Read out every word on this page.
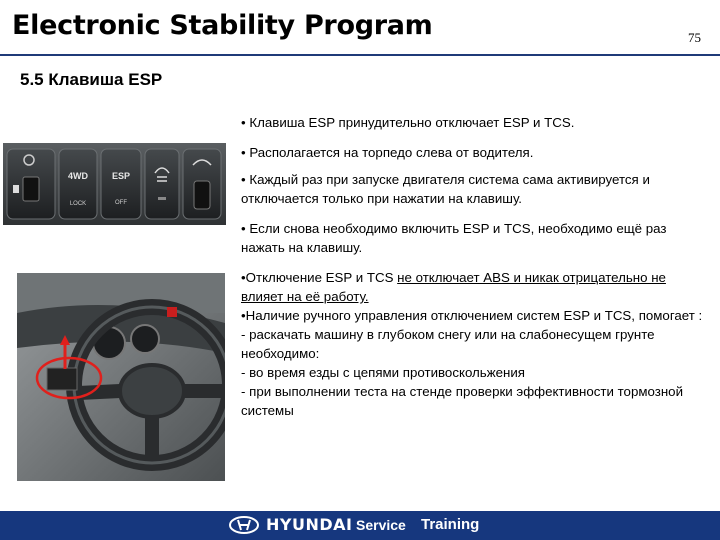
Electronic Stability Program	75
5.5 Клавиша ESP
4WD
LOCK
ESP
OFF
• Клавиша ESP принудительно отключает ESP и TCS.
• Располагается на торпедо слева от водителя.
• Каждый раз при запуске двигателя система сама активируется и отключается только при нажатии на клавишу.
• Если снова необходимо включить ESP и TCS, необходимо ещё раз нажать на клавишу.

•Отключение ESP и TCS не отключает ABS и никак отрицательно не влияет на её работу.

•Наличие ручного управления отключением систем ESP и TCS, помогает :

- раскачать машину в глубоком снегу или на слабонесущем грунте

необходимо:

- во время езды с цепями противоскольжения

- при выполнении теста на стенде проверки эффективности тормозной системы

HYUNDAI Service Training
